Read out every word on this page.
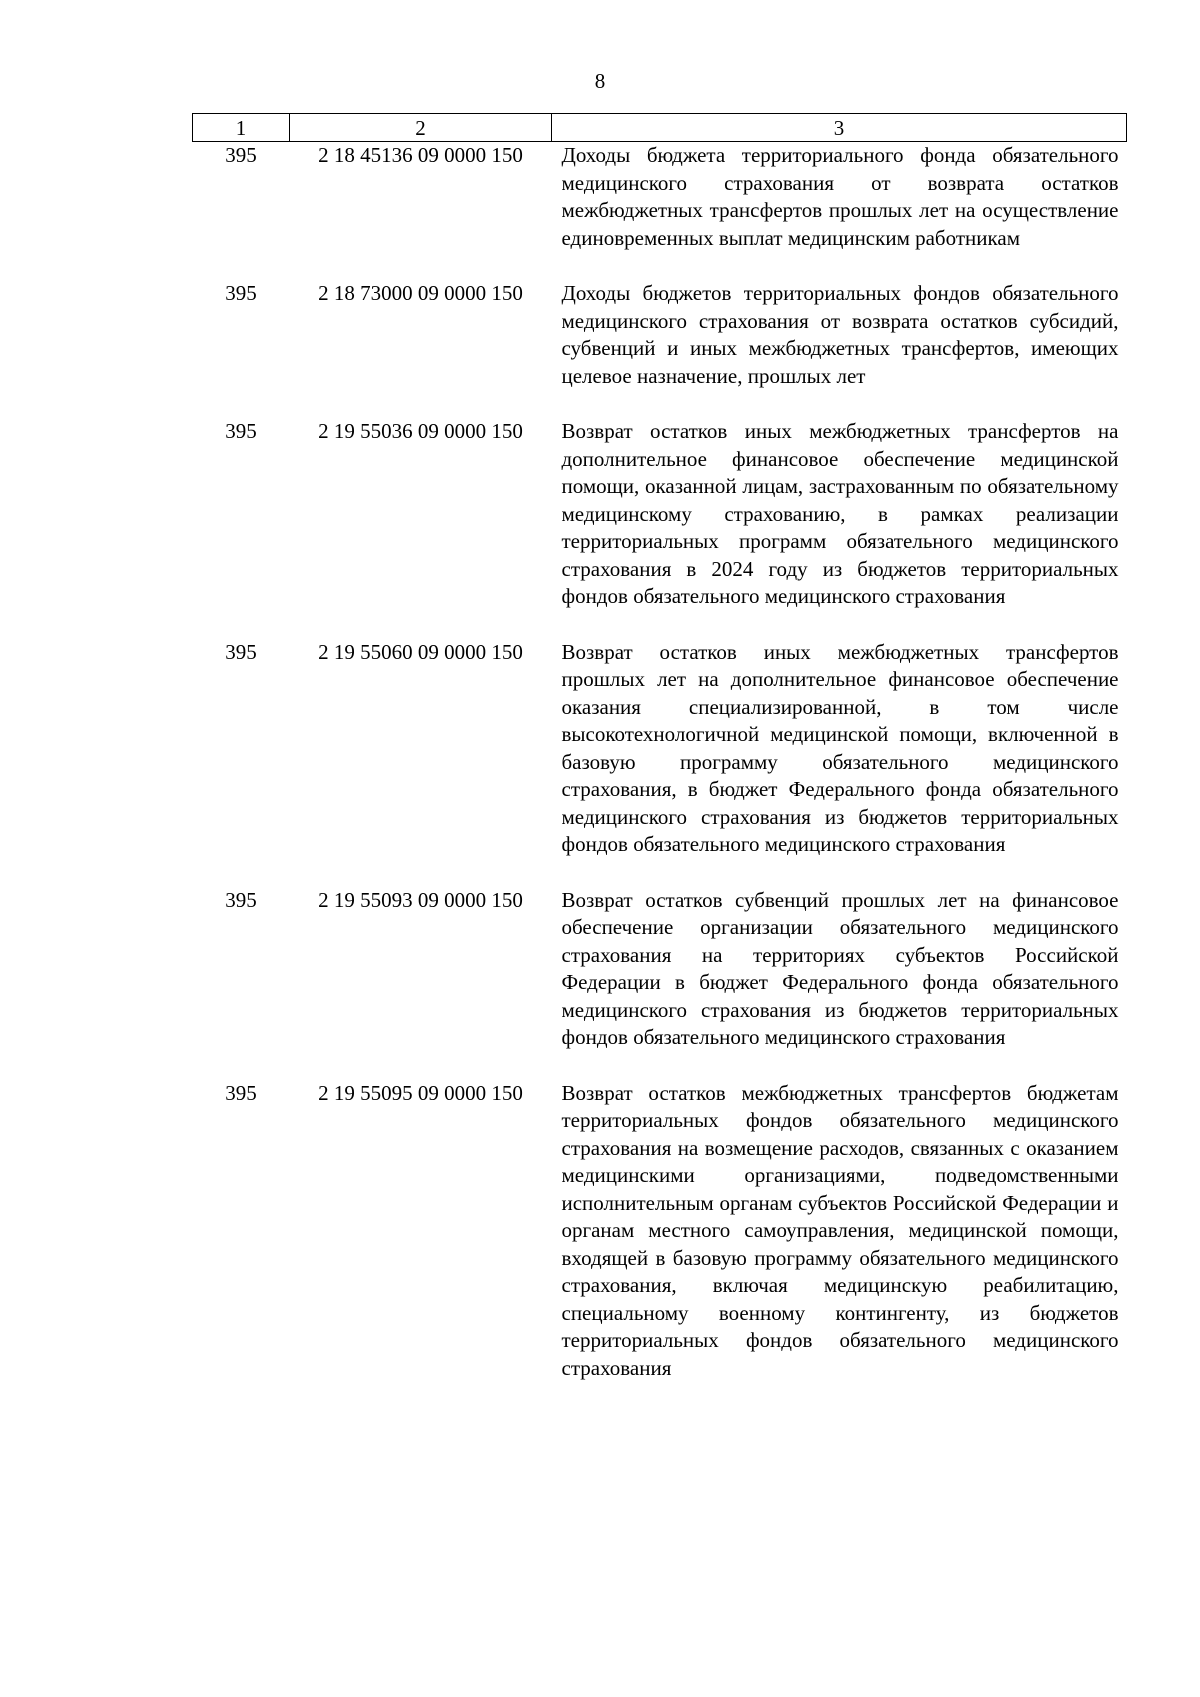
8
1	2	3
395	2 18 45136 09 0000 150	Доходы бюджета территориального фонда обязательного медицинского страхования от возврата остатков межбюджетных трансфертов прошлых лет на осуществление единовременных выплат медицинским работникам
395	2 18 73000 09 0000 150	Доходы бюджетов территориальных фондов обязательного медицинского страхования от возврата остатков субсидий, субвенций и иных межбюджетных трансфертов, имеющих целевое назначение, прошлых лет
395	2 19 55036 09 0000 150	Возврат остатков иных межбюджетных трансфертов на дополнительное финансовое обеспечение медицинской помощи, оказанной лицам, застрахованным по обязательному медицинскому страхованию, в рамках реализации территориальных программ обязательного медицинского страхования в 2024 году из бюджетов территориальных фондов обязательного медицинского страхования
395	2 19 55060 09 0000 150	Возврат остатков иных межбюджетных трансфертов прошлых лет на дополнительное финансовое обеспечение оказания специализированной, в том числе высокотехнологичной медицинской помощи, включенной в базовую программу обязательного медицинского страхования, в бюджет Федерального фонда обязательного медицинского страхования из бюджетов территориальных фондов обязательного медицинского страхования
395	2 19 55093 09 0000 150	Возврат остатков субвенций прошлых лет на финансовое обеспечение организации обязательного медицинского страхования на территориях субъектов Российской Федерации в бюджет Федерального фонда обязательного медицинского страхования из бюджетов территориальных фондов обязательного медицинского страхования
395	2 19 55095 09 0000 150	Возврат остатков межбюджетных трансфертов бюджетам территориальных фондов обязательного медицинского страхования на возмещение расходов, связанных с оказанием медицинскими организациями, подведомственными исполнительным органам субъектов Российской Федерации и органам местного самоуправления, медицинской помощи, входящей в базовую программу обязательного медицинского страхования, включая медицинскую реабилитацию, специальному военному контингенту, из бюджетов территориальных фондов обязательного медицинского страхования
